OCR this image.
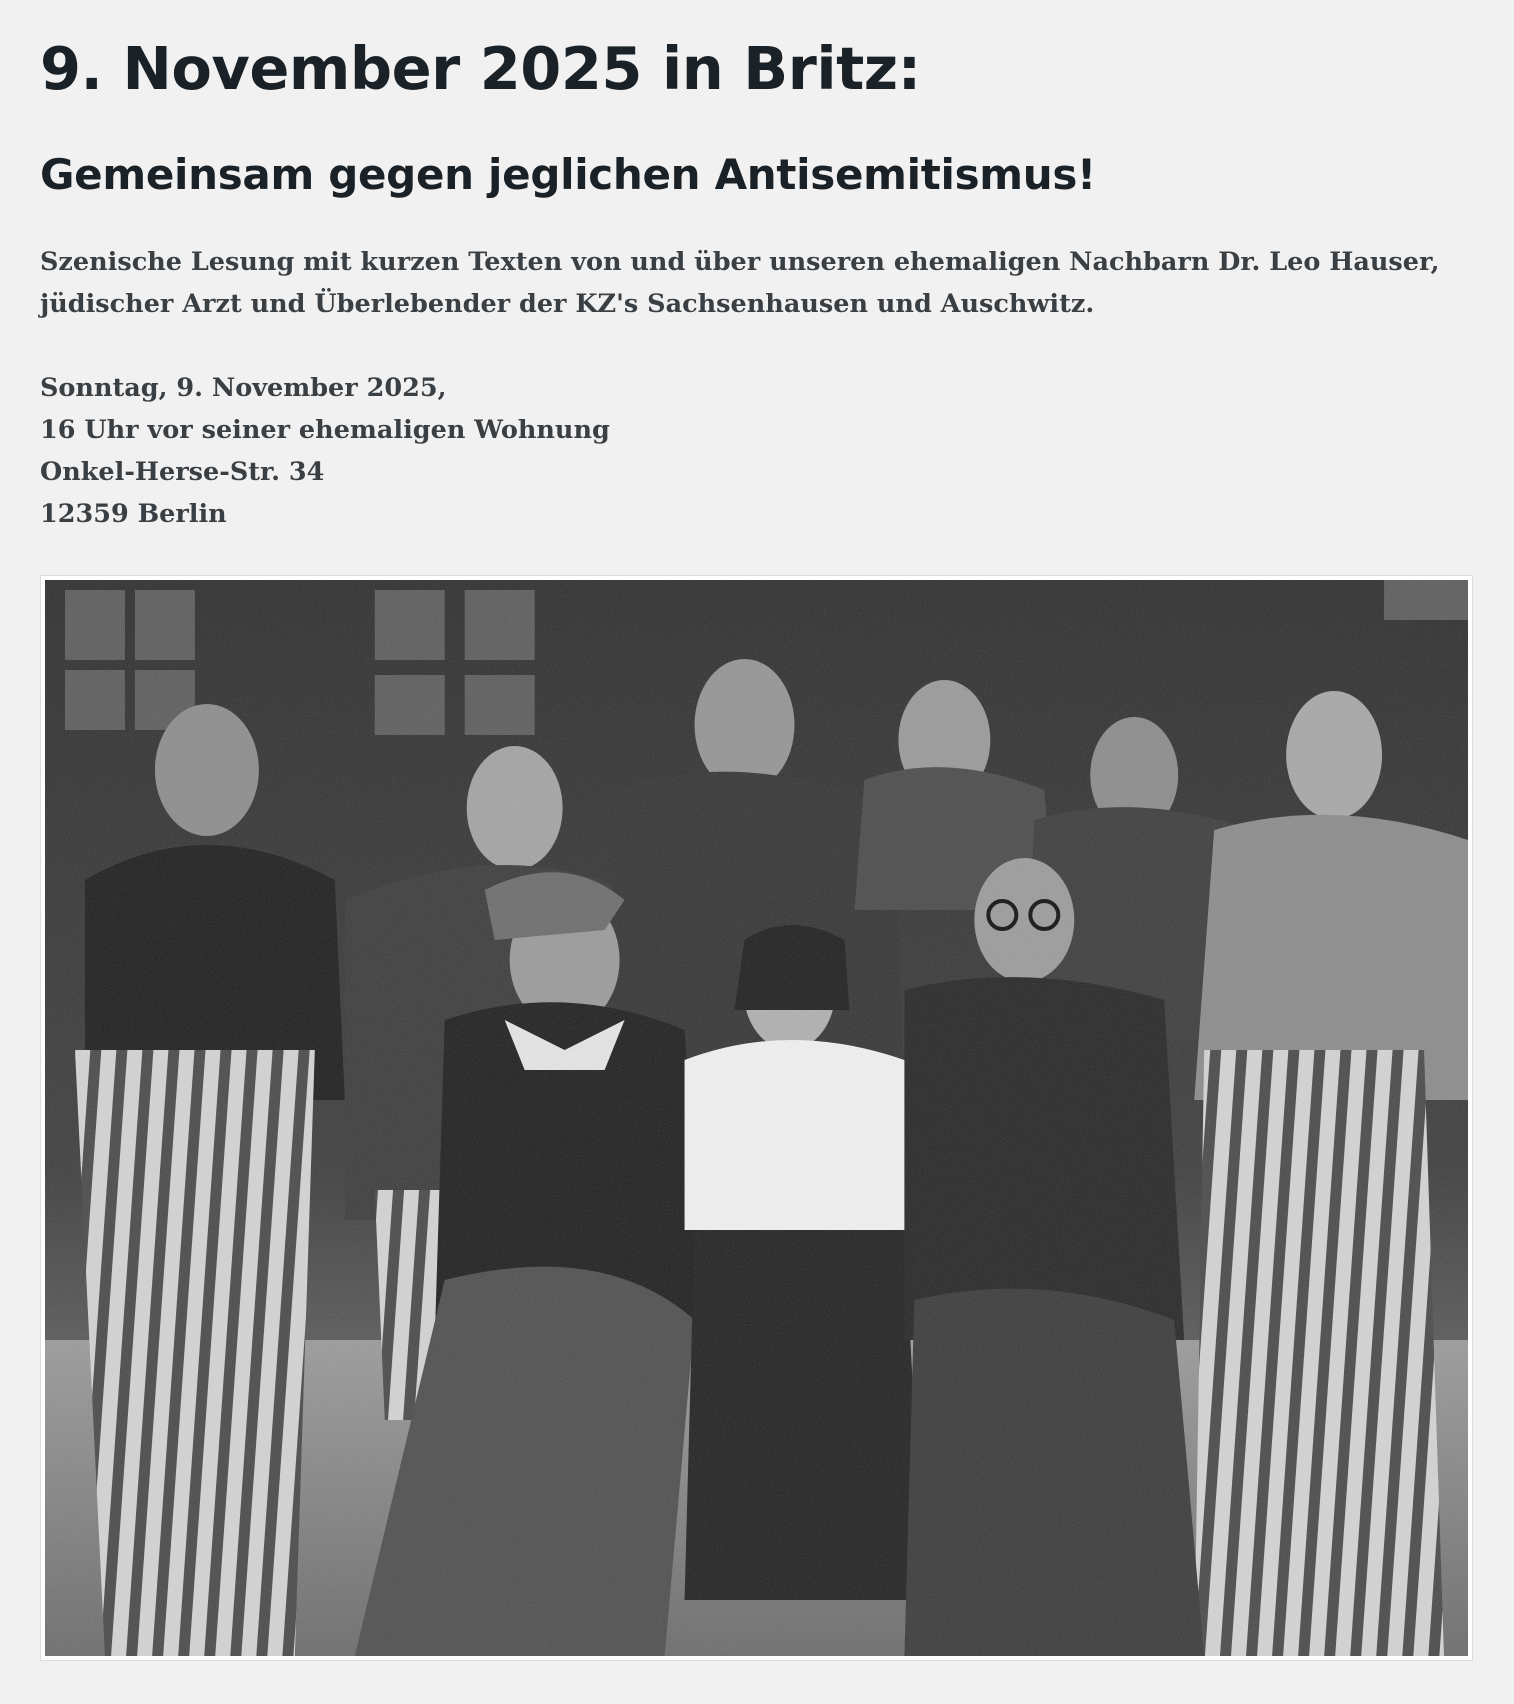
9. November 2025 in Britz:
Gemeinsam gegen jeglichen Antisemitismus!

Szenische Lesung mit kurzen Texten von und über unseren ehemaligen Nachbarn Dr. Leo Hauser,
jüdischer Arzt und Überlebender der KZ's Sachsenhausen und Auschwitz.

Sonntag, 9. November 2025,
16 Uhr vor seiner ehemaligen Wohnung
Onkel-Herse-Str. 34
12359 Berlin
